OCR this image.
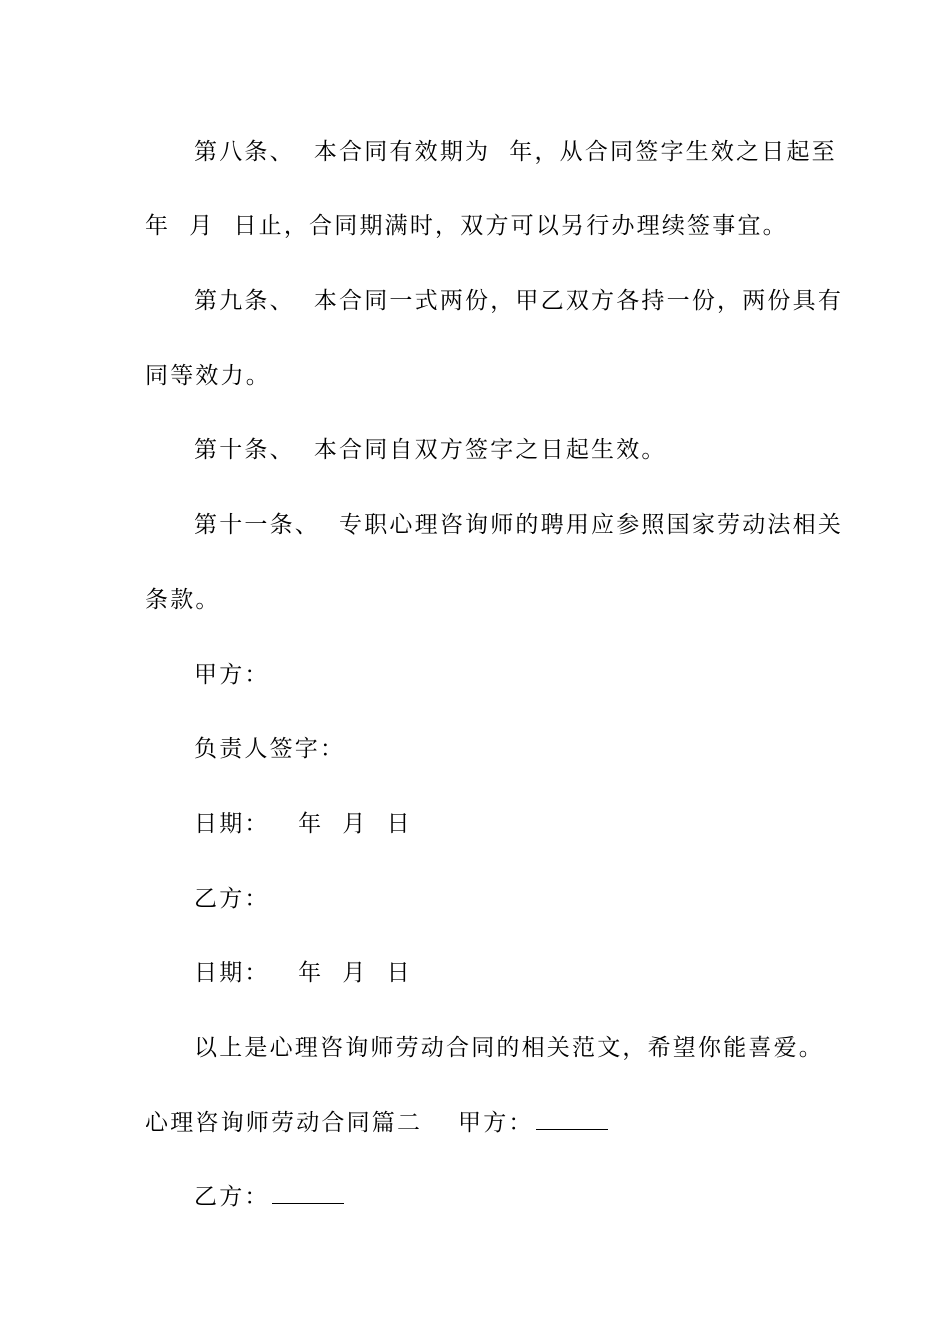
第八条、  本合同有效期为  年，从合同签字生效之日起至
年  月  日止，合同期满时，双方可以另行办理续签事宜。
第九条、  本合同一式两份，甲乙双方各持一份，两份具有
同等效力。
第十条、  本合同自双方签字之日起生效。
第十一条、  专职心理咨询师的聘用应参照国家劳动法相关
条款。
甲方：
负责人签字：
日期：   年  月  日
乙方：
日期：   年  月  日
以上是心理咨询师劳动合同的相关范文，希望你能喜爱。
心理咨询师劳动合同篇二 甲方：
乙方：
